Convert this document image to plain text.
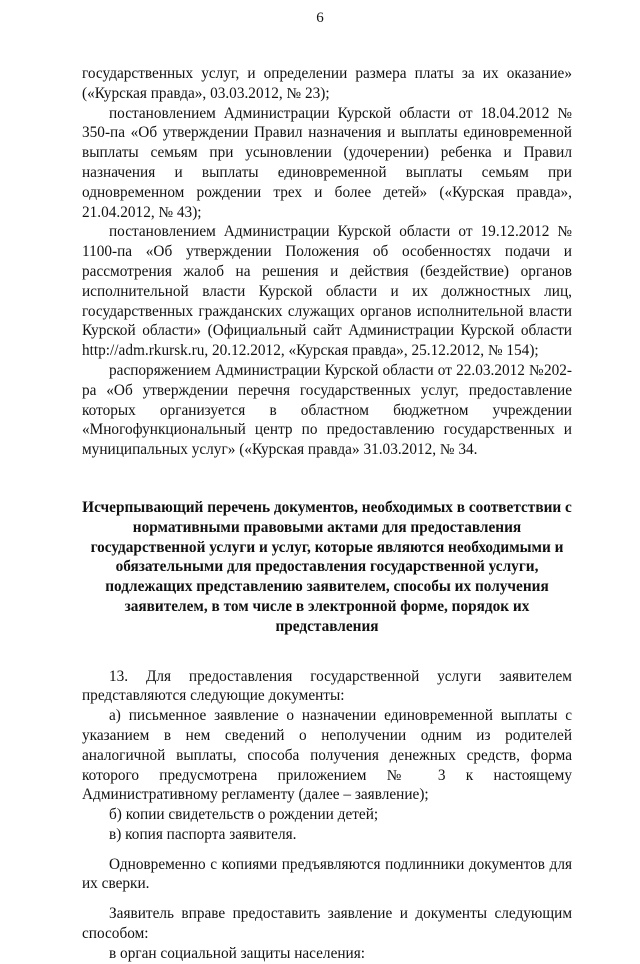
6

государственных услуг, и определении размера платы за их оказание» («Курская правда», 03.03.2012, № 23);

постановлением Администрации Курской области от 18.04.2012 № 350-па «Об утверждении Правил назначения и выплаты единовременной выплаты семьям при усыновлении (удочерении) ребенка и Правил назначения и выплаты единовременной выплаты семьям при одновременном рождении трех и более детей» («Курская правда», 21.04.2012, № 43);

постановлением Администрации Курской области от 19.12.2012 № 1100-па «Об утверждении Положения об особенностях подачи и рассмотрения жалоб на решения и действия (бездействие) органов исполнительной власти Курской области и их должностных лиц, государственных гражданских служащих органов исполнительной власти Курской области» (Официальный сайт Администрации Курской области http://adm.rkursk.ru, 20.12.2012, «Курская правда», 25.12.2012, № 154);

распоряжением Администрации Курской области от 22.03.2012 №202-ра «Об утверждении перечня государственных услуг, предоставление которых организуется в областном бюджетном учреждении «Многофункциональный центр по предоставлению государственных и муниципальных услуг» («Курская правда» 31.03.2012, № 34.

Исчерпывающий перечень документов, необходимых в соответствии с нормативными правовыми актами для предоставления государственной услуги и услуг, которые являются необходимыми и обязательными для предоставления государственной услуги, подлежащих представлению заявителем, способы их получения заявителем, в том числе в электронной форме, порядок их представления

13. Для предоставления государственной услуги заявителем представляются следующие документы:

а) письменное заявление о назначении единовременной выплаты с указанием в нем сведений о неполучении одним из родителей аналогичной выплаты, способа получения денежных средств, форма которого предусмотрена приложением № 3 к настоящему Административному регламенту (далее – заявление);

б) копии свидетельств о рождении детей;

в) копия паспорта заявителя.

Одновременно с копиями предъявляются подлинники документов для их сверки.

Заявитель вправе предоставить заявление и документы следующим способом:

в орган социальной защиты населения:
